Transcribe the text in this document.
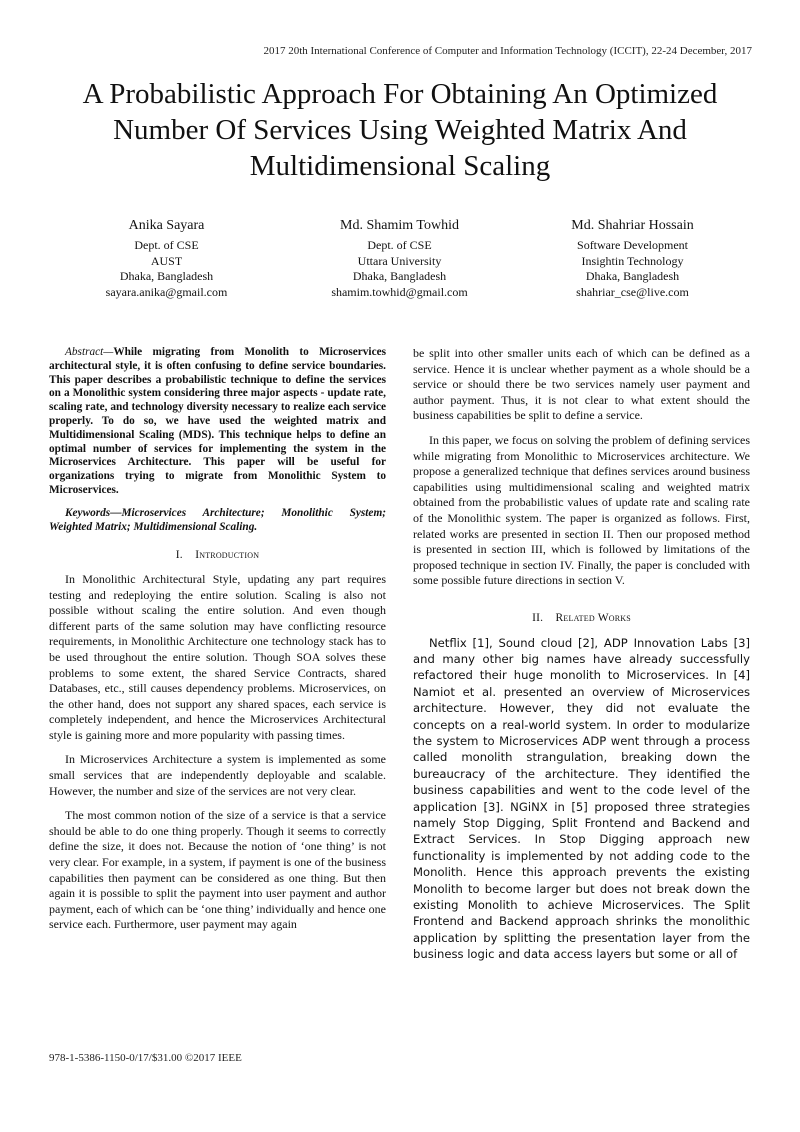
2017 20th International Conference of Computer and Information Technology (ICCIT), 22-24 December, 2017
A Probabilistic Approach For Obtaining An Optimized Number Of Services Using Weighted Matrix And Multidimensional Scaling
Anika Sayara
Dept. of CSE
AUST
Dhaka, Bangladesh
sayara.anika@gmail.com
Md. Shamim Towhid
Dept. of CSE
Uttara University
Dhaka, Bangladesh
shamim.towhid@gmail.com
Md. Shahriar Hossain
Software Development
Insightin Technology
Dhaka, Bangladesh
shahriar_cse@live.com

Abstract—While migrating from Monolith to Microservices architectural style, it is often confusing to define service boundaries. This paper describes a probabilistic technique to define the services on a Monolithic system considering three major aspects - update rate, scaling rate, and technology diversity necessary to realize each service properly. To do so, we have used the weighted matrix and Multidimensional Scaling (MDS). This technique helps to define an optimal number of services for implementing the system in the Microservices Architecture. This paper will be useful for organizations trying to migrate from Monolithic System to Microservices.

Keywords—Microservices Architecture; Monolithic System; Weighted Matrix; Multidimensional Scaling.

I. Introduction

In Monolithic Architectural Style, updating any part requires testing and redeploying the entire solution. Scaling is also not possible without scaling the entire solution. And even though different parts of the same solution may have conflicting resource requirements, in Monolithic Architecture one technology stack has to be used throughout the entire solution. Though SOA solves these problems to some extent, the shared Service Contracts, shared Databases, etc., still causes dependency problems. Microservices, on the other hand, does not support any shared spaces, each service is completely independent, and hence the Microservices Architectural style is gaining more and more popularity with passing times.

In Microservices Architecture a system is implemented as some small services that are independently deployable and scalable. However, the number and size of the services are not very clear.

The most common notion of the size of a service is that a service should be able to do one thing properly. Though it seems to correctly define the size, it does not. Because the notion of ‘one thing’ is not very clear. For example, in a system, if payment is one of the business capabilities then payment can be considered as one thing. But then again it is possible to split the payment into user payment and author payment, each of which can be ‘one thing’ individually and hence one service each. Furthermore, user payment may again

be split into other smaller units each of which can be defined as a service. Hence it is unclear whether payment as a whole should be a service or should there be two services namely user payment and author payment. Thus, it is not clear to what extent should the business capabilities be split to define a service.

In this paper, we focus on solving the problem of defining services while migrating from Monolithic to Microservices architecture. We propose a generalized technique that defines services around business capabilities using multidimensional scaling and weighted matrix obtained from the probabilistic values of update rate and scaling rate of the Monolithic system. The paper is organized as follows. First, related works are presented in section II. Then our proposed method is presented in section III, which is followed by limitations of the proposed technique in section IV. Finally, the paper is concluded with some possible future directions in section V.

II. Related Works

Netflix [1], Sound cloud [2], ADP Innovation Labs [3] and many other big names have already successfully refactored their huge monolith to Microservices. In [4] Namiot et al. presented an overview of Microservices architecture. However, they did not evaluate the concepts on a real-world system. In order to modularize the system to Microservices ADP went through a process called monolith strangulation, breaking down the bureaucracy of the architecture. They identified the business capabilities and went to the code level of the application [3]. NGiNX in [5] proposed three strategies namely Stop Digging, Split Frontend and Backend and Extract Services. In Stop Digging approach new functionality is implemented by not adding code to the Monolith. Hence this approach prevents the existing Monolith to become larger but does not break down the existing Monolith to achieve Microservices. The Split Frontend and Backend approach shrinks the monolithic application by splitting the presentation layer from the business logic and data access layers but some or all of

978-1-5386-1150-0/17/$31.00 ©2017 IEEE
